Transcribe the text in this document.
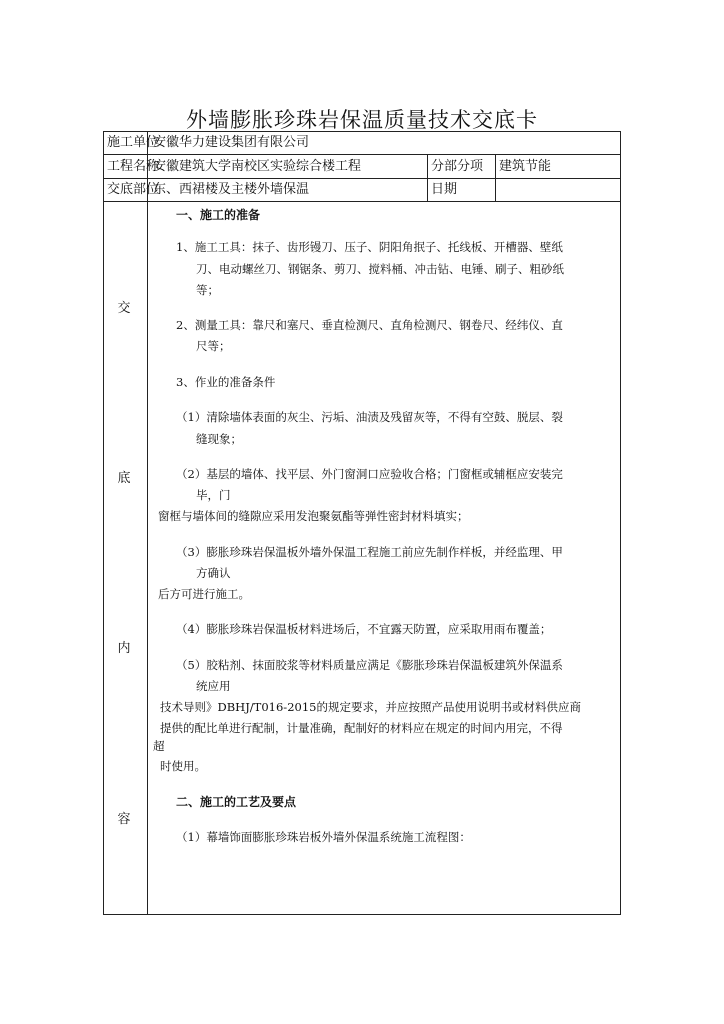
外墙膨胀珍珠岩保温质量技术交底卡
施工单位
安徽华力建设集团有限公司
工程名称
安徽建筑大学南校区实验综合楼工程	分部分项 建筑节能
交底部位
东、西裙楼及主楼外墙保温	日期
交
底
内
容
一、施工的准备
1、施工工具：抹子、齿形镘刀、压子、阴阳角抿子、托线板、开槽器、壁纸
刀、电动螺丝刀、钢锯条、剪刀、搅料桶、冲击钻、电锤、刷子、粗砂纸
等；
2、测量工具：靠尺和塞尺、垂直检测尺、直角检测尺、钢卷尺、经纬仪、直
尺等；
3、作业的准备条件
（1）清除墙体表面的灰尘、污垢、油渍及残留灰等，不得有空鼓、脱层、裂
缝现象；
（2）基层的墙体、找平层、外门窗洞口应验收合格；门窗框或辅框应安装完
毕，门
窗框与墙体间的缝隙应采用发泡聚氨酯等弹性密封材料填实；
（3）膨胀珍珠岩保温板外墙外保温工程施工前应先制作样板，并经监理、甲
方确认
后方可进行施工。
（4）膨胀珍珠岩保温板材料进场后，不宜露天防置，应采取用雨布覆盖；
（5）胶粘剂、抹面胶浆等材料质量应满足《膨胀珍珠岩保温板建筑外保温系
统应用
技术导则》DBHJ/T016-2015的规定要求，并应按照产品使用说明书或材料供应商
提供的配比单进行配制，计量准确，配制好的材料应在规定的时间内用完，不得
超
时使用。
二、施工的工艺及要点
（1）幕墙饰面膨胀珍珠岩板外墙外保温系统施工流程图：
